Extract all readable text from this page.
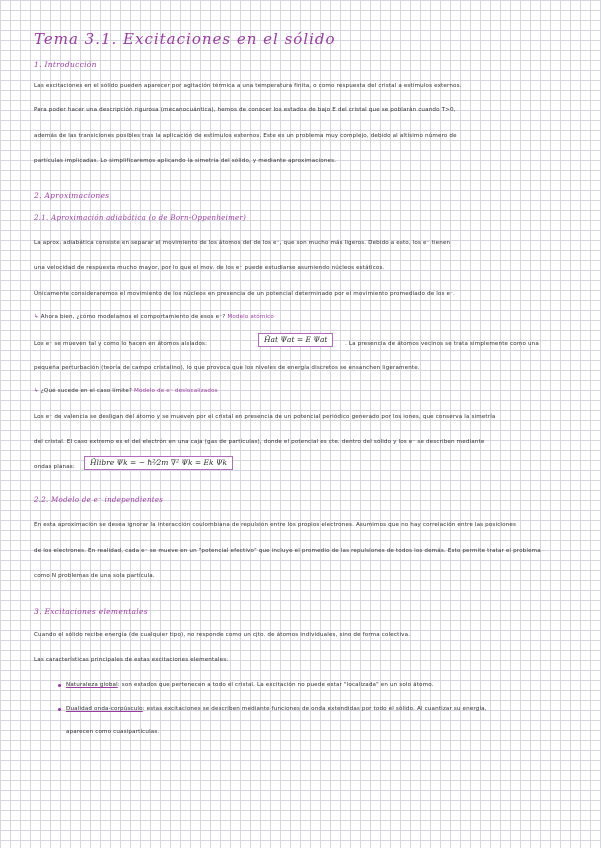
Tema 3.1. Excitaciones en el sólido
1. Introducción
Las excitaciones en el sólido pueden aparecer por agitación térmica a una temperatura finita, o como respuesta del cristal a estímulos externos.
Para poder hacer una descripción rigurosa (mecanocuántica), hemos de conocer los estados de bajo E del cristal que se poblarán cuando T>0,
además de las transiciones posibles tras la aplicación de estímulos externos. Este es un problema muy complejo, debido al altísimo número de
partículas implicadas. Lo simplificaremos aplicando la simetría del sólido, y mediante aproximaciones.
2. Aproximaciones
2.1. Aproximación adiabática (o de Born-Oppenheimer)
La aprox. adiabática consiste en separar el movimiento de los átomos del de los e⁻, que son mucho más ligeros. Debido a esto, los e⁻ tienen
una velocidad de respuesta mucho mayor, por lo que el mov. de los e⁻ puede estudiarse asumiendo núcleos estáticos.
Únicamente consideraremos el movimiento de los núcleos en presencia de un potencial determinado por el movimiento promediado de los e⁻.
↳ Ahora bien, ¿cómo modelamos el comportamiento de esos e⁻? Modelo atómico
Los e⁻ se mueven tal y como lo hacen en átomos aislados:	Ĥat Ψat = E Ψat	. La presencia de átomos vecinos se trata simplemente como una
pequeña perturbación (teoría de campo cristalino), lo que provoca que los niveles de energía discretos se ensanchen ligeramente.
↳ ¿Qué sucede en el caso límite? Modelo de e⁻ deslocalizados
Los e⁻ de valencia se desligan del átomo y se mueven por el cristal en presencia de un potencial periódico generado por los iones, que conserva la simetría
del cristal. El caso extremo es el del electrón en una caja (gas de partículas), donde el potencial es cte. dentro del sólido y los e⁻ se describen mediante
ondas planas:	Ĥlibre Ψk = − ħ²⁄2m ∇² Ψk = Ek Ψk
2.2. Modelo de e⁻ independientes
En esta aproximación se desea ignorar la interacción coulombiana de repulsión entre los propios electrones. Asumimos que no hay correlación entre las posiciones
de los electrones. En realidad, cada e⁻ se mueve en un "potencial efectivo" que incluye el promedio de las repulsiones de todos los demás. Esto permite tratar el problema
como N problemas de una sola partícula.
3. Excitaciones elementales
Cuando el sólido recibe energía (de cualquier tipo), no responde como un cjto. de átomos individuales, sino de forma colectiva.
Las características principales de estas excitaciones elementales:
Naturaleza global: son estados que pertenecen a todo el cristal. La excitación no puede estar "localizada" en un solo átomo.
Dualidad onda-corpúsculo: estas excitaciones se describen mediante funciones de onda extendidas por todo el sólido. Al cuantizar su energía,
aparecen como cuasipartículas.
